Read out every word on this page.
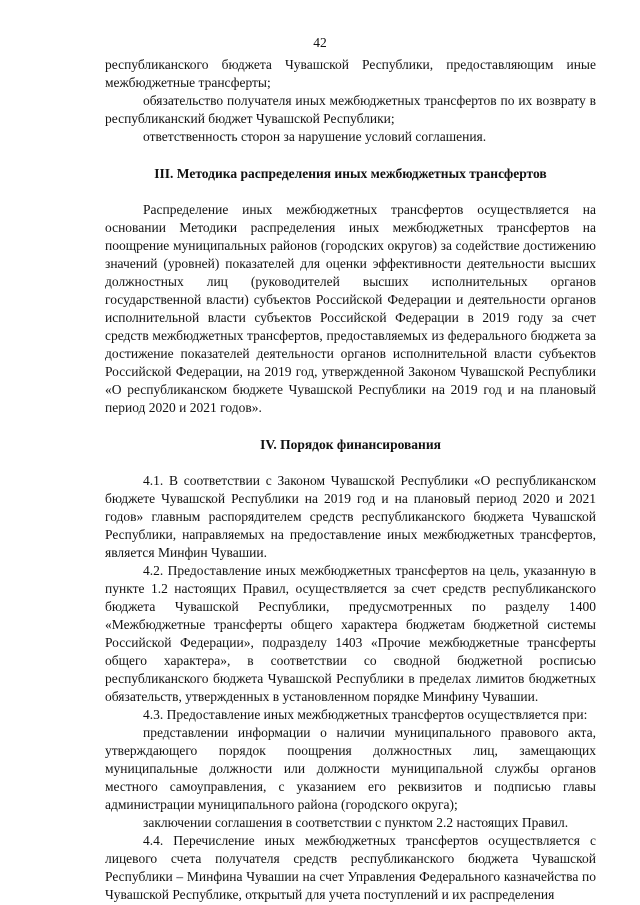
42

республиканского бюджета Чувашской Республики, предоставляющим иные межбюджетные трансферты;

обязательство получателя иных межбюджетных трансфертов по их возврату в республиканский бюджет Чувашской Республики;

ответственность сторон за нарушение условий соглашения.

III. Методика распределения иных межбюджетных трансфертов

Распределение иных межбюджетных трансфертов осуществляется на основании Методики распределения иных межбюджетных трансфертов на поощрение муниципальных районов (городских округов) за содействие достижению значений (уровней) показателей для оценки эффективности деятельности высших должностных лиц (руководителей высших исполнительных органов государственной власти) субъектов Российской Федерации и деятельности органов исполнительной власти субъектов Российской Федерации в 2019 году за счет средств межбюджетных трансфертов, предоставляемых из федерального бюджета за достижение показателей деятельности органов исполнительной власти субъектов Российской Федерации, на 2019 год, утвержденной Законом Чувашской Республики «О республиканском бюджете Чувашской Республики на 2019 год и на плановый период 2020 и 2021 годов».

IV. Порядок финансирования

4.1. В соответствии с Законом Чувашской Республики «О республиканском бюджете Чувашской Республики на 2019 год и на плановый период 2020 и 2021 годов» главным распорядителем средств республиканского бюджета Чувашской Республики, направляемых на предоставление иных межбюджетных трансфертов, является Минфин Чувашии.

4.2. Предоставление иных межбюджетных трансфертов на цель, указанную в пункте 1.2 настоящих Правил, осуществляется за счет средств республиканского бюджета Чувашской Республики, предусмотренных по разделу 1400 «Межбюджетные трансферты общего характера бюджетам бюджетной системы Российской Федерации», подразделу 1403 «Прочие межбюджетные трансферты общего характера», в соответствии со сводной бюджетной росписью республиканского бюджета Чувашской Республики в пределах лимитов бюджетных обязательств, утвержденных в установленном порядке Минфину Чувашии.

4.3. Предоставление иных межбюджетных трансфертов осуществляется при:

представлении информации о наличии муниципального правового акта, утверждающего порядок поощрения должностных лиц, замещающих муниципальные должности или должности муниципальной службы органов местного самоуправления, с указанием его реквизитов и подписью главы администрации муниципального района (городского округа);

заключении соглашения в соответствии с пунктом 2.2 настоящих Правил.

4.4. Перечисление иных межбюджетных трансфертов осуществляется с лицевого счета получателя средств республиканского бюджета Чувашской Республики – Минфина Чувашии на счет Управления Федерального казначейства по Чувашской Республике, открытый для учета поступлений и их распределения
